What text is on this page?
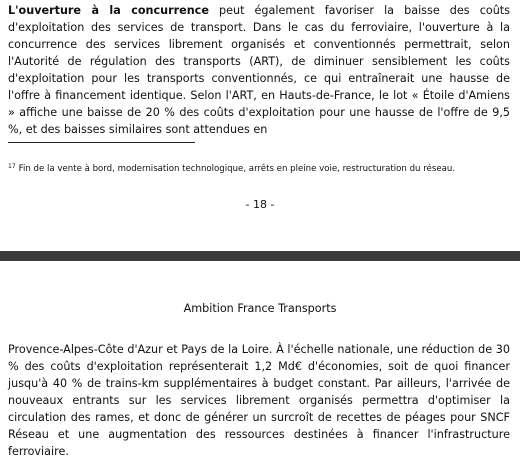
L'ouverture à la concurrence peut également favoriser la baisse des coûts d'exploitation des services de transport. Dans le cas du ferroviaire, l'ouverture à la concurrence des services librement organisés et conventionnés permettrait, selon l'Autorité de régulation des transports (ART), de diminuer sensiblement les coûts d'exploitation pour les transports conventionnés, ce qui entraînerait une hausse de l'offre à financement identique. Selon l'ART, en Hauts-de-France, le lot « Étoile d'Amiens » affiche une baisse de 20 % des coûts d'exploitation pour une hausse de l'offre de 9,5 %, et des baisses similaires sont attendues en

$^{17}$ Fin de la vente à bord, modernisation technologique, arrêts en pleine voie, restructuration du réseau.

- 18 -
Ambition France Transports

Provence-Alpes-Côte d'Azur et Pays de la Loire. À l'échelle nationale, une réduction de 30 % des coûts d'exploitation représenterait 1,2 Md€ d'économies, soit de quoi financer jusqu'à 40 % de trains-km supplémentaires à budget constant. Par ailleurs, l'arrivée de nouveaux entrants sur les services librement organisés permettra d'optimiser la circulation des rames, et donc de générer un surcroît de recettes de péages pour SNCF Réseau et une augmentation des ressources destinées à financer l'infrastructure ferroviaire.
